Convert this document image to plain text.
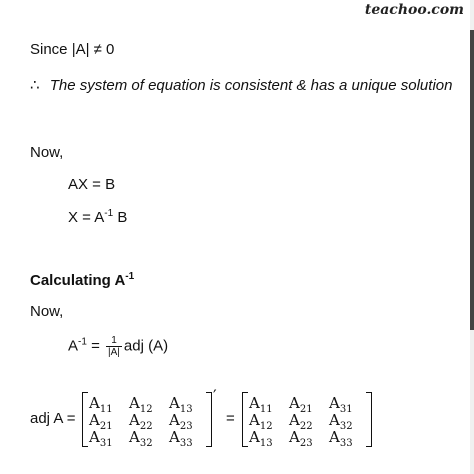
teachoo.com
Since |A| ≠ 0
∴ The system of equation is consistent & has a unique solution
Now,
AX = B
$X = A^{-1}$ B
Calculating $A^{-1}$
Now,
$A^{-1} = \frac{1}{|A|}$ adj (A)
adj A =
$A_{11}$	$A_{12}$	$A_{13}$
$A_{21}$	$A_{22}$	$A_{23}$
$A_{31}$	$A_{32}$	$A_{33}$
′
=
$A_{11}$	$A_{21}$	$A_{31}$
$A_{12}$	$A_{22}$	$A_{32}$
$A_{13}$	$A_{23}$	$A_{33}$
